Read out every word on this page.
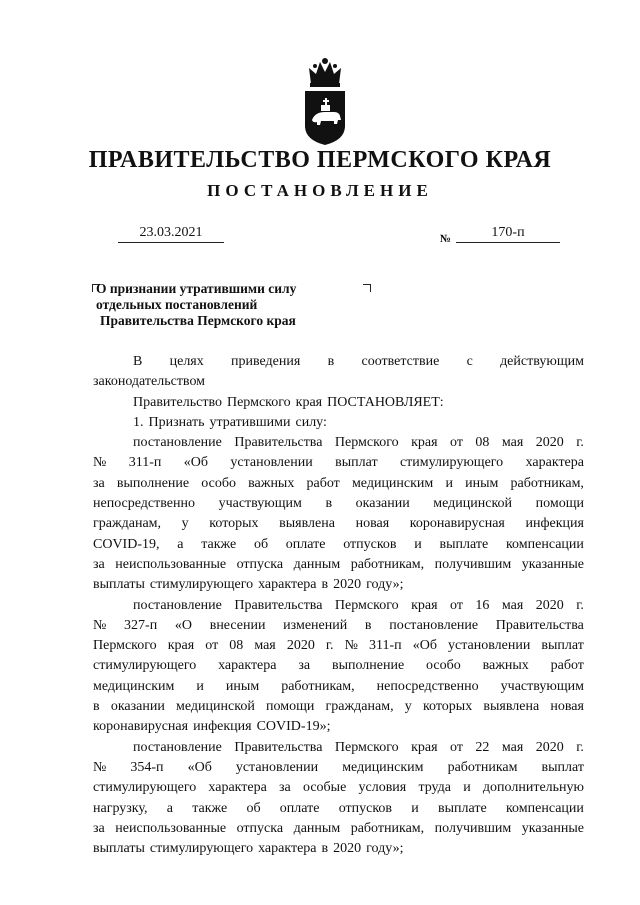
ПРАВИТЕЛЬСТВО ПЕРМСКОГО КРАЯ
ПОСТАНОВЛЕНИЕ
23.03.2021	№	170-п
О признании утратившими силу
отдельных постановлений
Правительства Пермского края
В целях приведения в соответствие с действующим
законодательством
Правительство Пермского края ПОСТАНОВЛЯЕТ:
1. Признать утратившими силу:
постановление Правительства Пермского края от 08 мая 2020 г.
№ 311-п «Об установлении выплат стимулирующего характера
за выполнение особо важных работ медицинским и иным работникам,
непосредственно участвующим в оказании медицинской помощи
гражданам, у которых выявлена новая коронавирусная инфекция
COVID-19, а также об оплате отпусков и выплате компенсации
за неиспользованные отпуска данным работникам, получившим указанные
выплаты стимулирующего характера в 2020 году»;
постановление Правительства Пермского края от 16 мая 2020 г.
№ 327-п «О внесении изменений в постановление Правительства
Пермского края от 08 мая 2020 г. № 311-п «Об установлении выплат
стимулирующего характера за выполнение особо важных работ
медицинским и иным работникам, непосредственно участвующим
в оказании медицинской помощи гражданам, у которых выявлена новая
коронавирусная инфекция COVID-19»;
постановление Правительства Пермского края от 22 мая 2020 г.
№ 354-п «Об установлении медицинским работникам выплат
стимулирующего характера за особые условия труда и дополнительную
нагрузку, а также об оплате отпусков и выплате компенсации
за неиспользованные отпуска данным работникам, получившим указанные
выплаты стимулирующего характера в 2020 году»;
